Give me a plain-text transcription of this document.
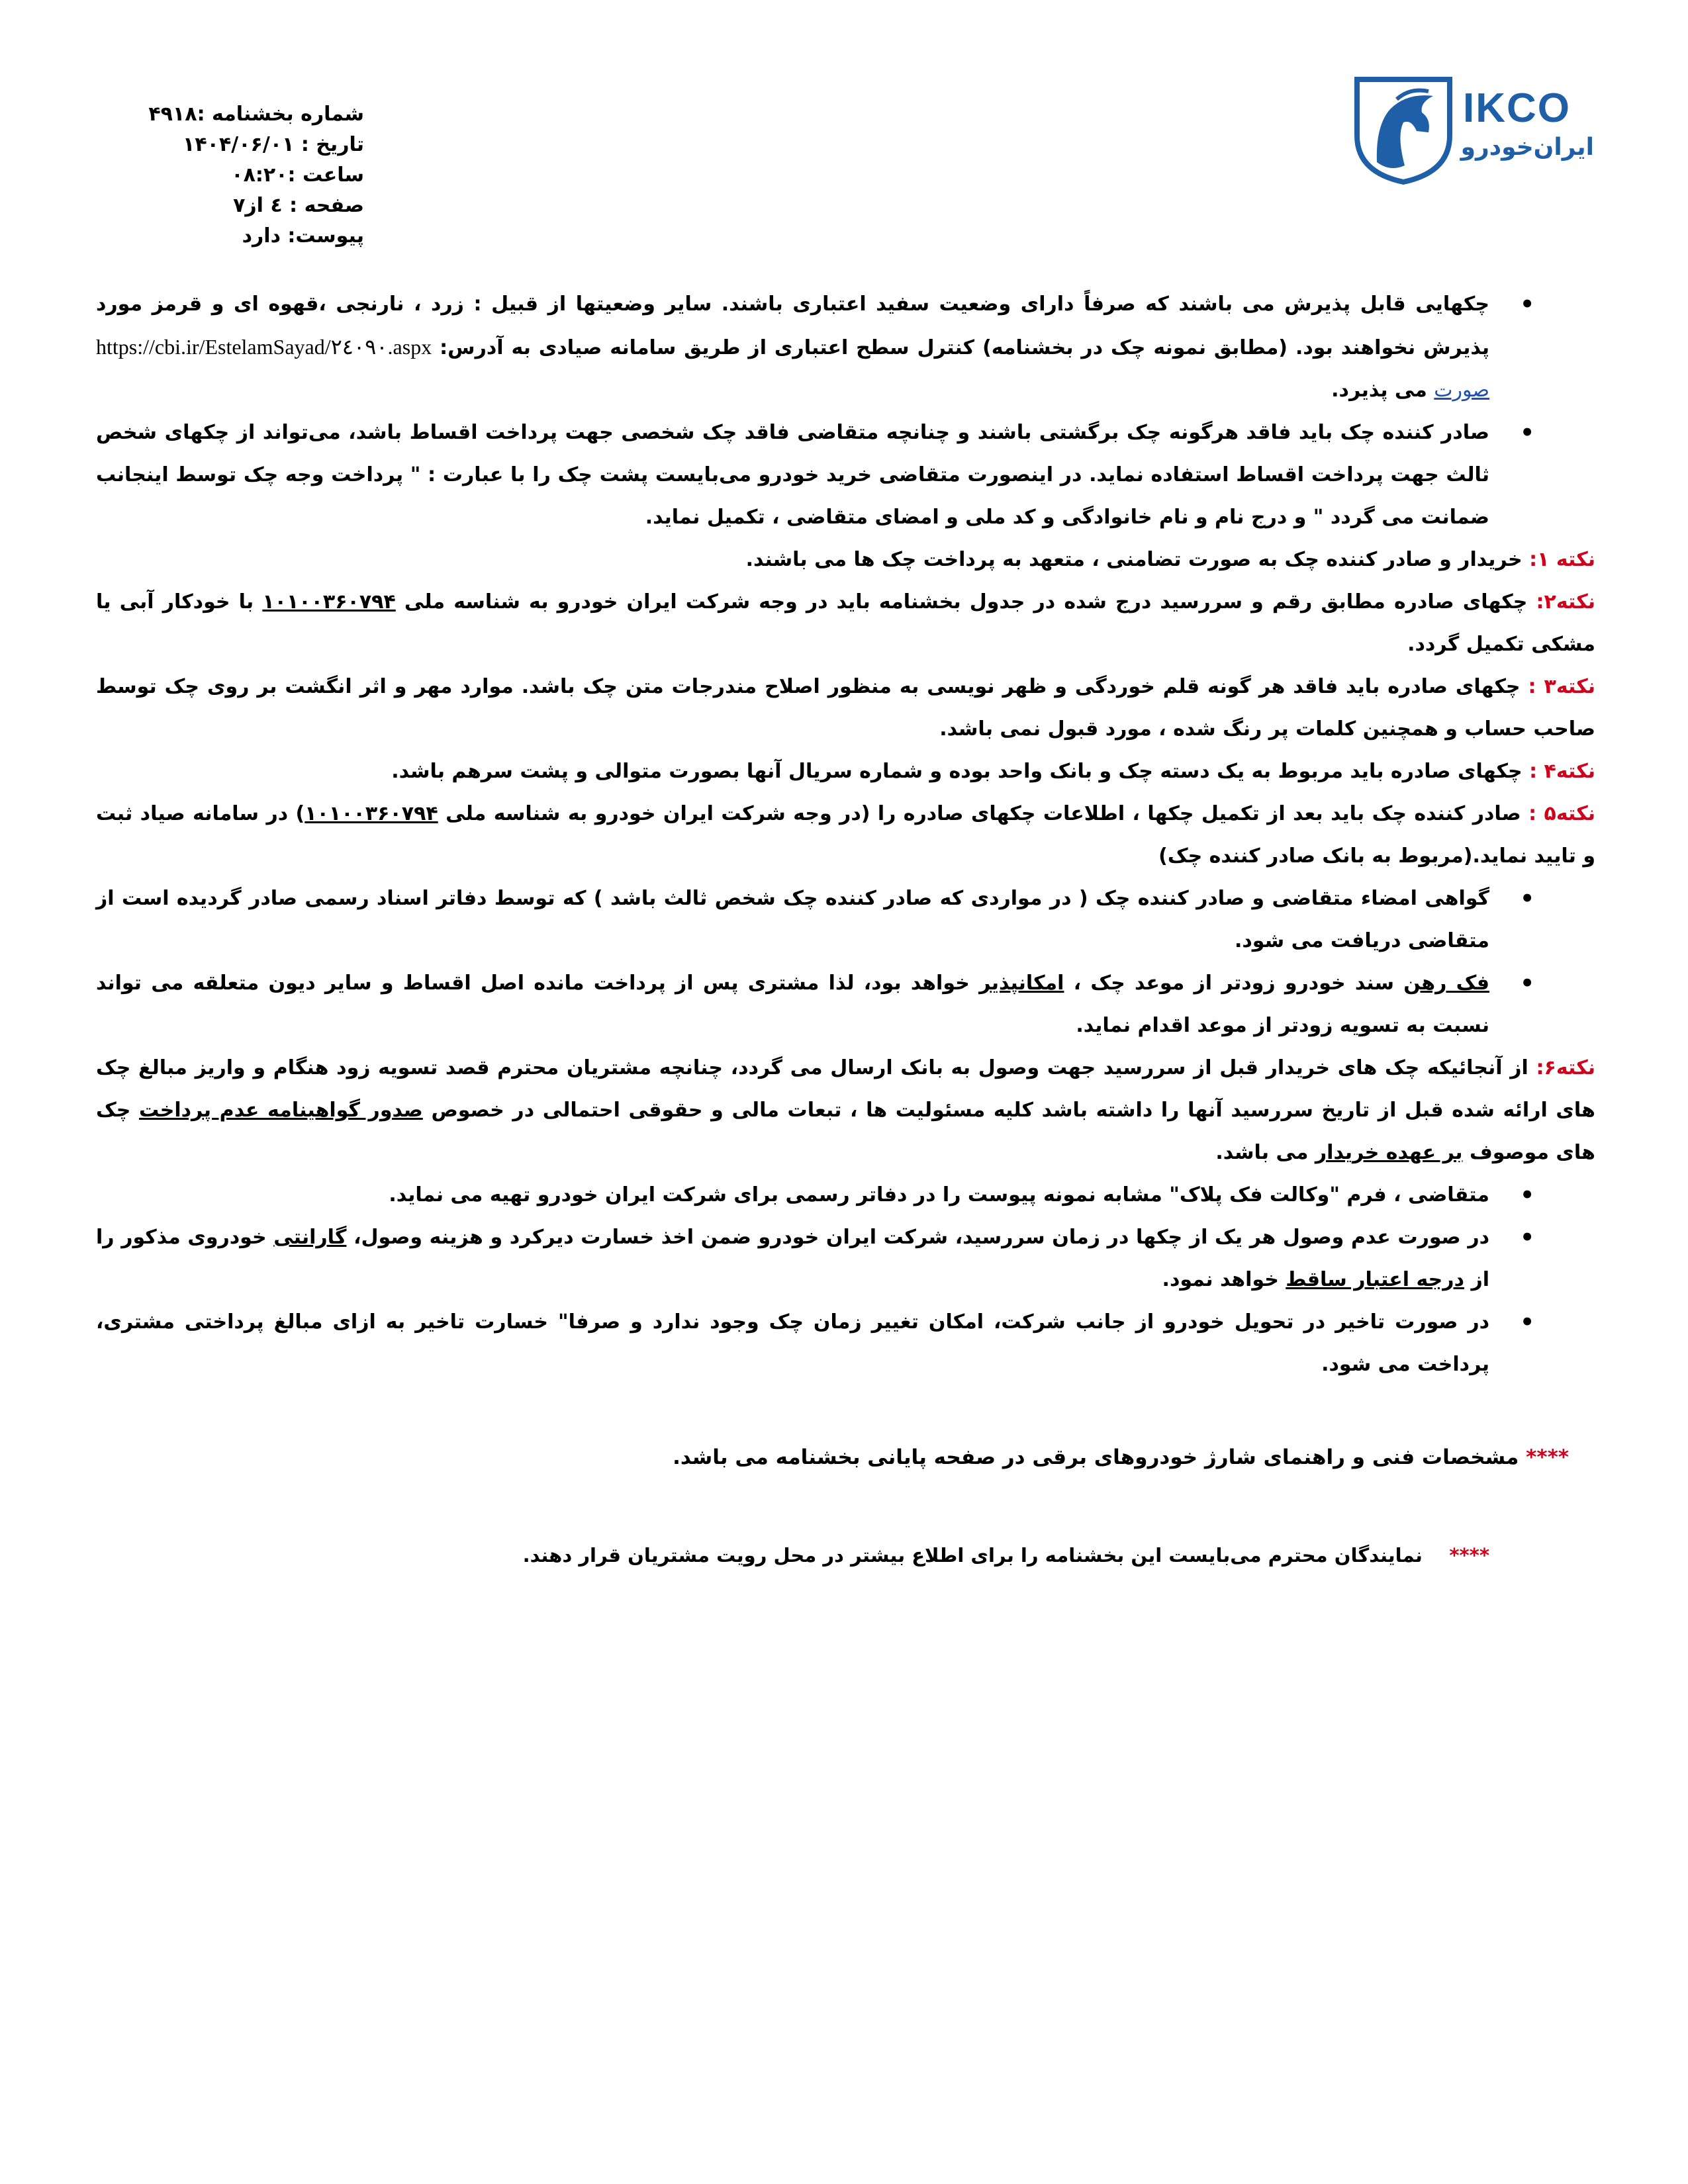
شماره بخشنامه :۴۹۱۸
تاریخ : ۱۴۰۴/۰۶/۰۱
ساعت :۰۸:۲۰
صفحه : ٤ از۷
پیوست: دارد
IKCO
ایران‌خودرو

•
چکهایی قابل پذیرش می باشند که صرفاً دارای وضعیت سفید اعتباری باشند. سایر وضعیتها از قبیل : زرد ، نارنجی ،قهوه ای و قرمز مورد پذیرش نخواهند بود. (مطابق نمونه چک در بخشنامه) کنترل سطح اعتباری از طریق سامانه صیادی به آدرس: https://cbi.ir/EstelamSayad/۲٤۰۹۰.aspx صورت می پذیرد.

•
صادر کننده چک باید فاقد هرگونه چک برگشتی باشند و چنانچه متقاضی فاقد چک شخصی جهت پرداخت اقساط باشد، می‌تواند از چکهای شخص ثالث جهت پرداخت اقساط استفاده نماید. در اینصورت متقاضی خرید خودرو می‌بایست پشت چک را با عبارت : " پرداخت وجه چک توسط اینجانب ضمانت می گردد " و درج نام و نام خانوادگی و کد ملی و امضای متقاضی ، تکمیل نماید.

نکته ۱: خریدار و صادر کننده چک به صورت تضامنی ، متعهد به پرداخت چک ها می باشند.

نکته۲: چکهای صادره مطابق رقم و سررسید درج شده در جدول بخشنامه باید در وجه شرکت ایران خودرو به شناسه ملی ۱۰۱۰۰۳۶۰۷۹۴ با خودکار آبی یا مشکی تکمیل گردد.

نکته۳ : چکهای صادره باید فاقد هر گونه قلم خوردگی و ظهر نویسی به منظور اصلاح مندرجات متن چک باشد. موارد مهر و اثر انگشت بر روی چک توسط صاحب حساب و همچنین کلمات پر رنگ شده ، مورد قبول نمی باشد.

نکته۴ : چکهای صادره باید مربوط به یک دسته چک و بانک واحد بوده و شماره سریال آنها بصورت متوالی و پشت سرهم باشد.

نکته۵ : صادر کننده چک باید بعد از تکمیل چکها ، اطلاعات چکهای صادره را (در وجه شرکت ایران خودرو به شناسه ملی ۱۰۱۰۰۳۶۰۷۹۴) در سامانه صیاد ثبت و تایید نماید.(مربوط به بانک صادر کننده چک)

•
گواهی امضاء متقاضی و صادر کننده چک ( در مواردی که صادر کننده چک شخص ثالث باشد ) که توسط دفاتر اسناد رسمی صادر گردیده است از متقاضی دریافت می شود.

•
فک رهن سند خودرو زودتر از موعد چک ، امکانپذیر خواهد بود، لذا مشتری پس از پرداخت مانده اصل اقساط و سایر دیون متعلقه می تواند نسبت به تسویه زودتر از موعد اقدام نماید.

نکته۶: از آنجائیکه چک های خریدار قبل از سررسید جهت وصول به بانک ارسال می گردد، چنانچه مشتریان محترم قصد تسویه زود هنگام و واریز مبالغ چک های ارائه شده قبل از تاریخ سررسید آنها را داشته باشد کلیه مسئولیت ها ، تبعات مالی و حقوقی احتمالی در خصوص صدور گواهینامه عدم پرداخت چک های موصوف بر عهده خریدار می باشد.

•
متقاضی ، فرم "وکالت فک پلاک" مشابه نمونه پیوست را در دفاتر رسمی برای شرکت ایران خودرو تهیه می نماید.

•
در صورت عدم وصول هر یک از چکها در زمان سررسید، شرکت ایران خودرو ضمن اخذ خسارت دیرکرد و هزینه وصول، گارانتی خودروی مذکور را از درجه اعتبار ساقط خواهد نمود.

•
در صورت تاخیر در تحویل خودرو از جانب شرکت، امکان تغییر زمان چک وجود ندارد و صرفا" خسارت تاخیر به ازای مبالغ پرداختی مشتری، پرداخت می شود.

**** مشخصات فنی و راهنمای شارژ خودروهای برقی در صفحه پایانی بخشنامه می باشد.
****    نمایندگان محترم می‌بایست این بخشنامه را برای اطلاع بیشتر در محل رویت مشتریان قرار دهند.
